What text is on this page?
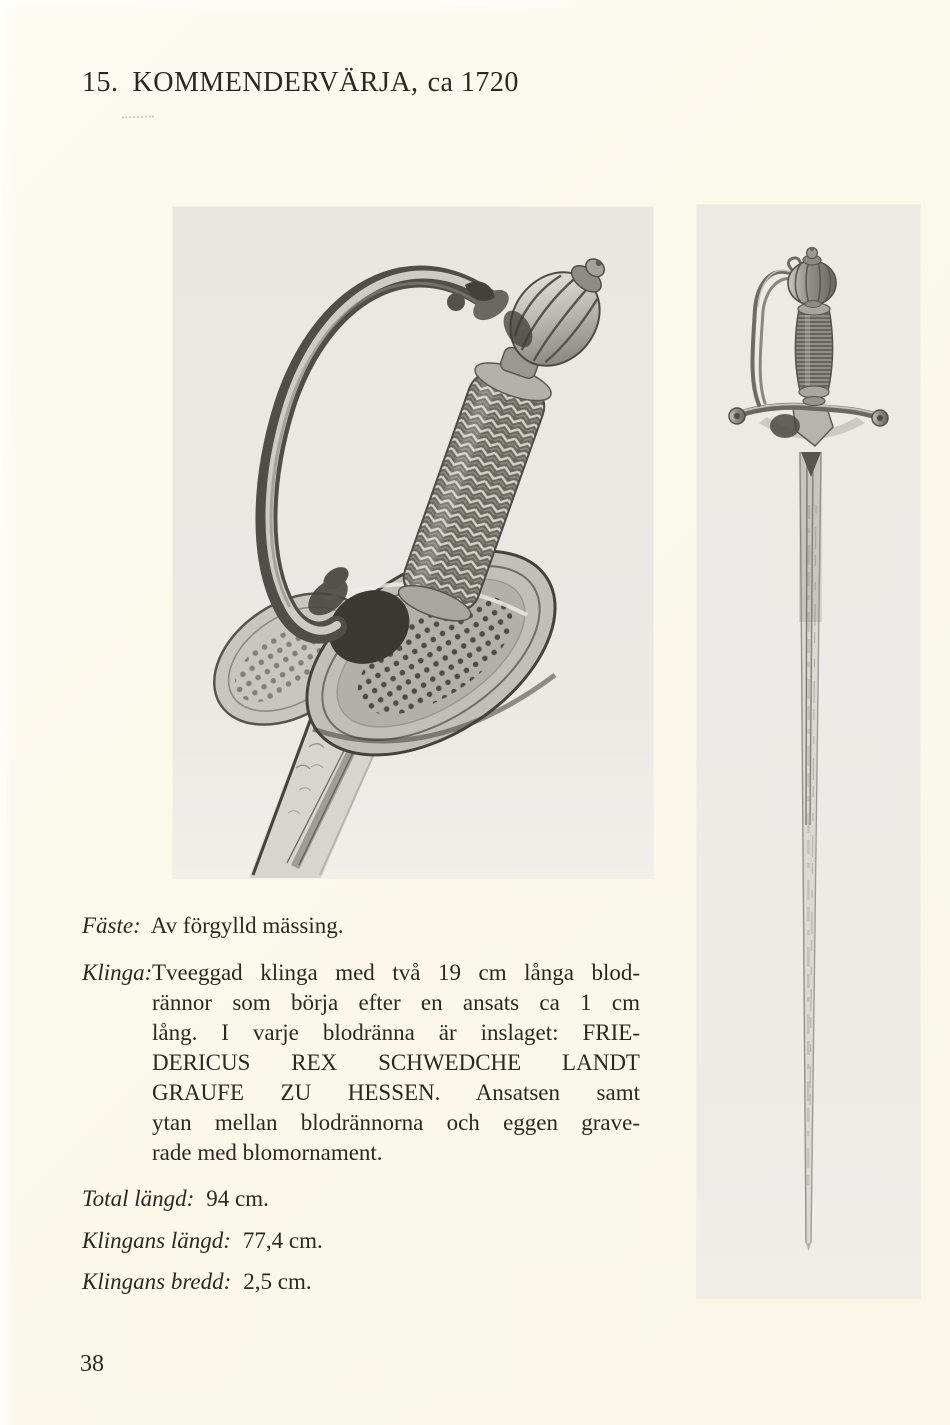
15. KOMMENDERVÄRJA, ca 1720
Fäste: Av förgylld mässing.
Klinga: Tveeggad klinga med två 19 cm långa blod-
rännor som börja efter en ansats ca 1 cm
lång. I varje blodränna är inslaget: FRIE-
DERICUS REX SCHWEDCHE LANDT
GRAUFE ZU HESSEN. Ansatsen samt
ytan mellan blodrännorna och eggen grave-
rade med blomornament.
Total längd: 94 cm.
Klingans längd: 77,4 cm.
Klingans bredd: 2,5 cm.
38
